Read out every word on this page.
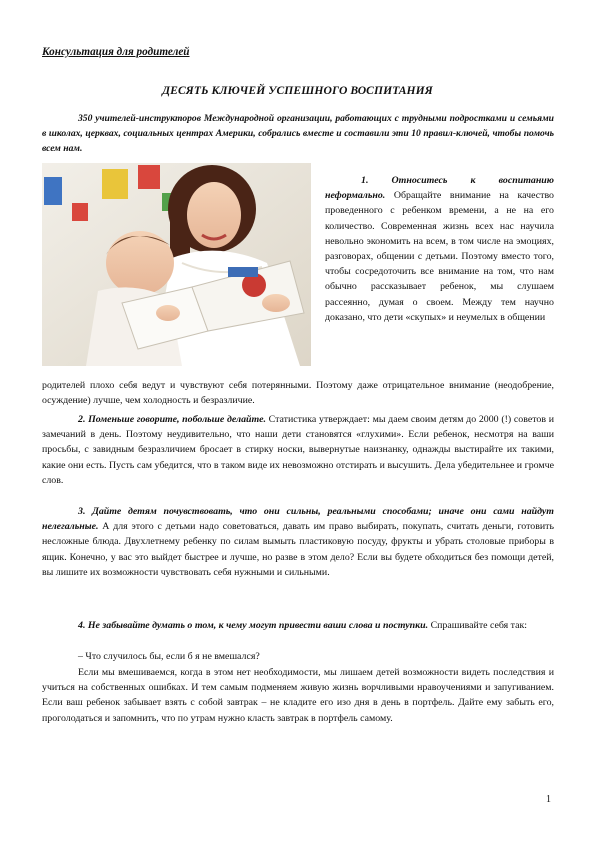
Консультация для родителей
ДЕСЯТЬ КЛЮЧЕЙ УСПЕШНОГО ВОСПИТАНИЯ
350 учителей-инструкторов Международной организации, работающих с трудными подростками и семьями в школах, церквах, социальных центрах Америки, собрались вместе и составили эти 10 правил-ключей, чтобы помочь всем нам.
1. Относитесь к воспитанию неформально. Обращайте внимание на качество проведенного с ребенком времени, а не на его количество. Современная жизнь всех нас научила невольно экономить на всем, в том числе на эмоциях, разговорах, общении с детьми. Поэтому вместо того, чтобы сосредоточить все внимание на том, что нам обычно рассказывает ребенок, мы слушаем рассеянно, думая о своем. Между тем научно доказано, что дети «скупых» и неумелых в общении
родителей плохо себя ведут и чувствуют себя потерянными. Поэтому даже отрицательное внимание (неодобрение, осуждение) лучше, чем холодность и безразличие.
2. Поменьше говорите, побольше делайте. Статистика утверждает: мы даем своим детям до 2000 (!) советов и замечаний в день. Поэтому неудивительно, что наши дети становятся «глухими». Если ребенок, несмотря на ваши просьбы, с завидным безразличием бросает в стирку носки, вывернутые наизнанку, однажды выстирайте их такими, какие они есть. Пусть сам убедится, что в таком виде их невозможно отстирать и высушить. Дела убедительнее и громче слов.
3. Дайте детям почувствовать, что они сильны, реальными способами; иначе они сами найдут нелегальные. А для этого с детьми надо советоваться, давать им право выбирать, покупать, считать деньги, готовить несложные блюда. Двухлетнему ребенку по силам вымыть пластиковую посуду, фрукты и убрать столовые приборы в ящик. Конечно, у вас это выйдет быстрее и лучше, но разве в этом дело? Если вы будете обходиться без помощи детей, вы лишите их возможности чувствовать себя нужными и сильными.
4. Не забывайте думать о том, к чему могут привести ваши слова и поступки. Спрашивайте себя так:
– Что случилось бы, если б я не вмешался?
Если мы вмешиваемся, когда в этом нет необходимости, мы лишаем детей возможности видеть последствия и учиться на собственных ошибках. И тем самым подменяем живую жизнь ворчливыми нравоучениями и запугиванием. Если ваш ребенок забывает взять с собой завтрак – не кладите его изо дня в день в портфель. Дайте ему забыть его, проголодаться и запомнить, что по утрам нужно класть завтрак в портфель самому.
1
